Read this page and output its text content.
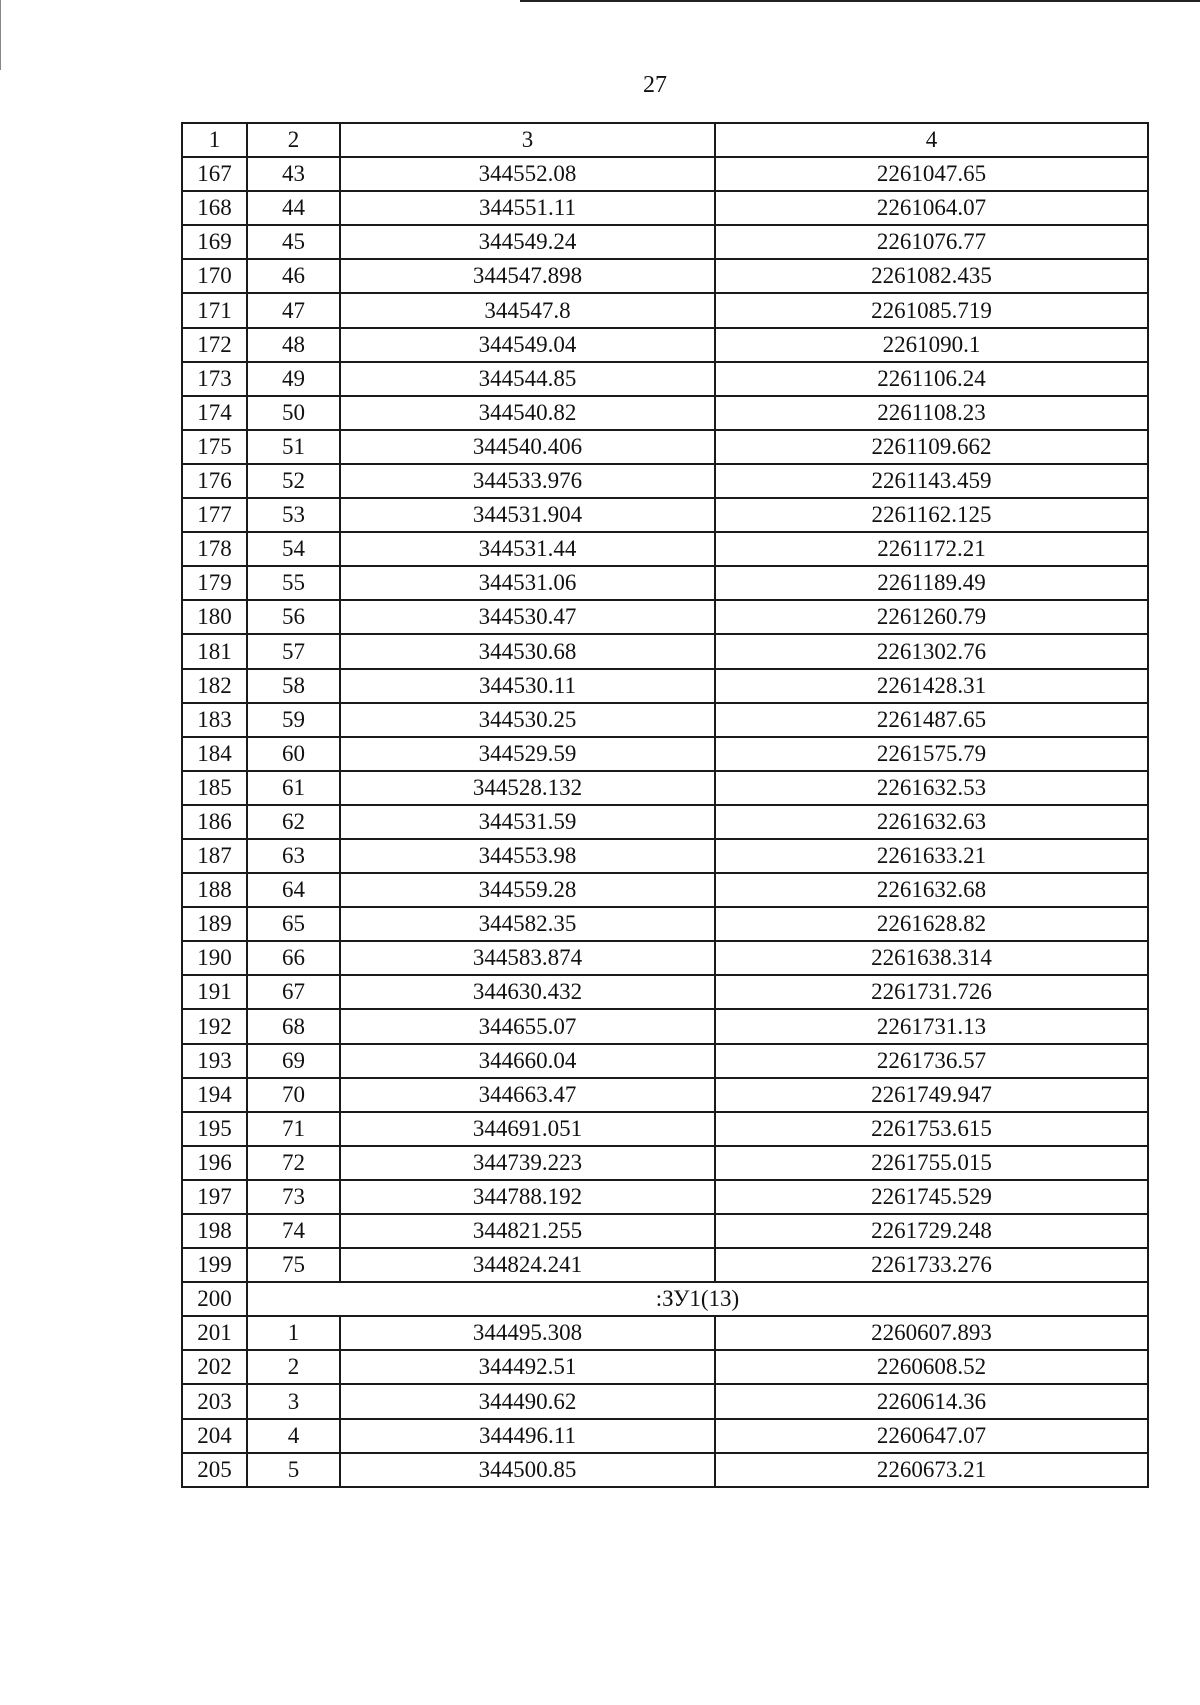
27
1	2	3	4
167	43	344552.08	2261047.65
168	44	344551.11	2261064.07
169	45	344549.24	2261076.77
170	46	344547.898	2261082.435
171	47	344547.8	2261085.719
172	48	344549.04	2261090.1
173	49	344544.85	2261106.24
174	50	344540.82	2261108.23
175	51	344540.406	2261109.662
176	52	344533.976	2261143.459
177	53	344531.904	2261162.125
178	54	344531.44	2261172.21
179	55	344531.06	2261189.49
180	56	344530.47	2261260.79
181	57	344530.68	2261302.76
182	58	344530.11	2261428.31
183	59	344530.25	2261487.65
184	60	344529.59	2261575.79
185	61	344528.132	2261632.53
186	62	344531.59	2261632.63
187	63	344553.98	2261633.21
188	64	344559.28	2261632.68
189	65	344582.35	2261628.82
190	66	344583.874	2261638.314
191	67	344630.432	2261731.726
192	68	344655.07	2261731.13
193	69	344660.04	2261736.57
194	70	344663.47	2261749.947
195	71	344691.051	2261753.615
196	72	344739.223	2261755.015
197	73	344788.192	2261745.529
198	74	344821.255	2261729.248
199	75	344824.241	2261733.276
200	:ЗУ1(13)		
201	1	344495.308	2260607.893
202	2	344492.51	2260608.52
203	3	344490.62	2260614.36
204	4	344496.11	2260647.07
205	5	344500.85	2260673.21
